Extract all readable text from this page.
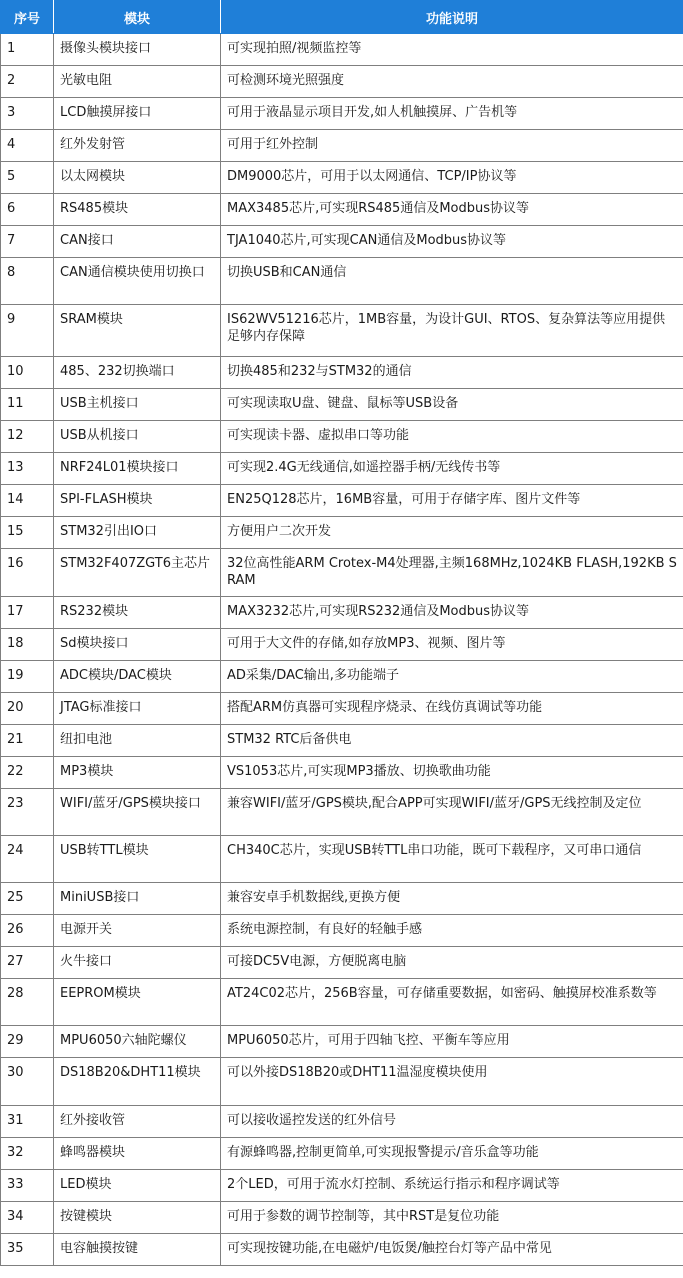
序号	模块	功能说明
1	摄像头模块接口	可实现拍照/视频监控等
2	光敏电阻	可检测环境光照强度
3	LCD触摸屏接口	可用于液晶显示项目开发,如人机触摸屏、广告机等
4	红外发射管	可用于红外控制
5	以太网模块	DM9000芯片，可用于以太网通信、TCP/IP协议等
6	RS485模块	MAX3485芯片,可实现RS485通信及Modbus协议等
7	CAN接口	TJA1040芯片,可实现CAN通信及Modbus协议等
8	CAN通信模块使用切换口	切换USB和CAN通信
9	SRAM模块	IS62WV51216芯片，1MB容量，为设计GUI、RTOS、复杂算法等应用提供足够内存保障
10	485、232切换端口	切换485和232与STM32的通信
11	USB主机接口	可实现读取U盘、键盘、鼠标等USB设备
12	USB从机接口	可实现读卡器、虚拟串口等功能
13	NRF24L01模块接口	可实现2.4G无线通信,如遥控器手柄/无线传书等
14	SPI-FLASH模块	EN25Q128芯片，16MB容量，可用于存储字库、图片文件等
15	STM32引出IO口	方便用户二次开发
16	STM32F407ZGT6主芯片	32位高性能ARM Crotex-M4处理器,主频168MHz,1024KB FLASH,192KB SRAM
17	RS232模块	MAX3232芯片,可实现RS232通信及Modbus协议等
18	Sd模块接口	可用于大文件的存储,如存放MP3、视频、图片等
19	ADC模块/DAC模块	AD采集/DAC输出,多功能端子
20	JTAG标准接口	搭配ARM仿真器可实现程序烧录、在线仿真调试等功能
21	纽扣电池	STM32 RTC后备供电
22	MP3模块	VS1053芯片,可实现MP3播放、切换歌曲功能
23	WIFI/蓝牙/GPS模块接口	兼容WIFI/蓝牙/GPS模块,配合APP可实现WIFI/蓝牙/GPS无线控制及定位
24	USB转TTL模块	CH340C芯片，实现USB转TTL串口功能，既可下载程序，又可串口通信
25	MiniUSB接口	兼容安卓手机数据线,更换方便
26	电源开关	系统电源控制，有良好的轻触手感
27	火牛接口	可接DC5V电源，方便脱离电脑
28	EEPROM模块	AT24C02芯片，256B容量，可存储重要数据，如密码、触摸屏校准系数等
29	MPU6050六轴陀螺仪	MPU6050芯片，可用于四轴飞控、平衡车等应用
30	DS18B20&DHT11模块	可以外接DS18B20或DHT11温湿度模块使用
31	红外接收管	可以接收遥控发送的红外信号
32	蜂鸣器模块	有源蜂鸣器,控制更简单,可实现报警提示/音乐盒等功能
33	LED模块	2个LED，可用于流水灯控制、系统运行指示和程序调试等
34	按键模块	可用于参数的调节控制等，其中RST是复位功能
35	电容触摸按键	可实现按键功能,在电磁炉/电饭煲/触控台灯等产品中常见
